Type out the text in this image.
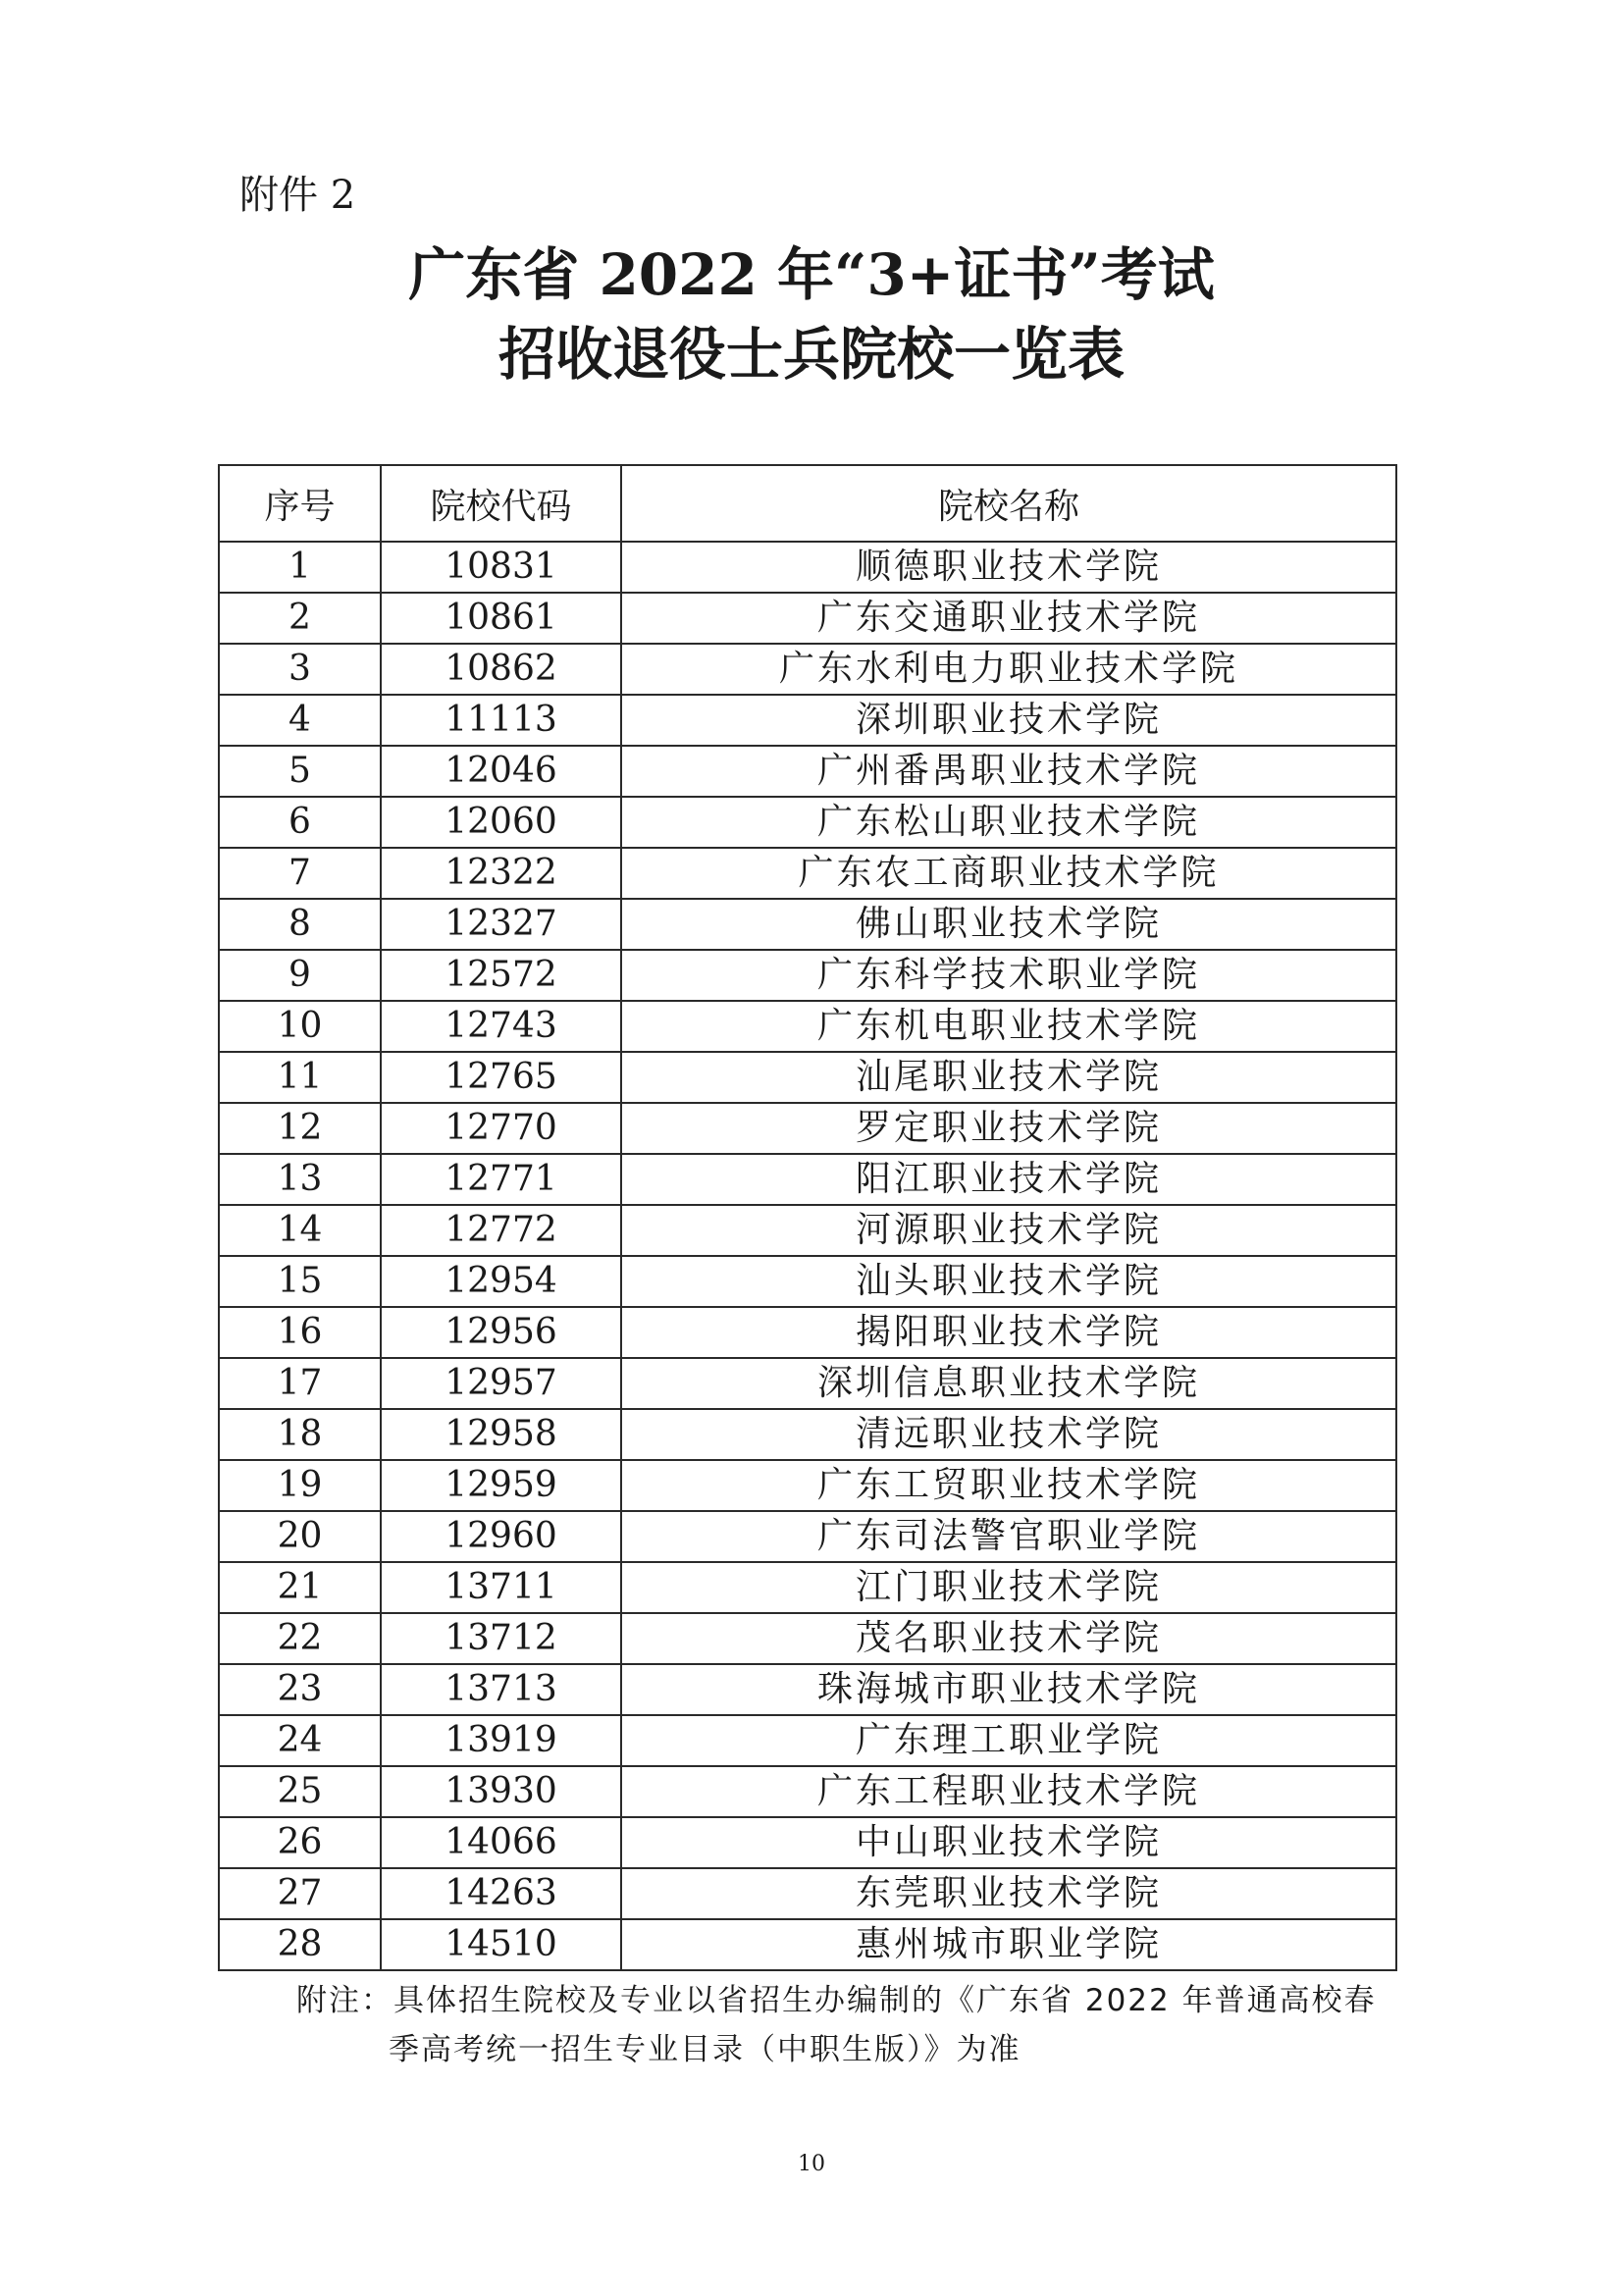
附件 2
广东省 2022 年“3+证书”考试
招收退役士兵院校一览表
序号	院校代码	院校名称
1	10831	顺德职业技术学院
2	10861	广东交通职业技术学院
3	10862	广东水利电力职业技术学院
4	11113	深圳职业技术学院
5	12046	广州番禺职业技术学院
6	12060	广东松山职业技术学院
7	12322	广东农工商职业技术学院
8	12327	佛山职业技术学院
9	12572	广东科学技术职业学院
10	12743	广东机电职业技术学院
11	12765	汕尾职业技术学院
12	12770	罗定职业技术学院
13	12771	阳江职业技术学院
14	12772	河源职业技术学院
15	12954	汕头职业技术学院
16	12956	揭阳职业技术学院
17	12957	深圳信息职业技术学院
18	12958	清远职业技术学院
19	12959	广东工贸职业技术学院
20	12960	广东司法警官职业学院
21	13711	江门职业技术学院
22	13712	茂名职业技术学院
23	13713	珠海城市职业技术学院
24	13919	广东理工职业学院
25	13930	广东工程职业技术学院
26	14066	中山职业技术学院
27	14263	东莞职业技术学院
28	14510	惠州城市职业学院
附注：具体招生院校及专业以省招生办编制的《广东省 2022 年普通高校春
季高考统一招生专业目录（中职生版）》为准
10
